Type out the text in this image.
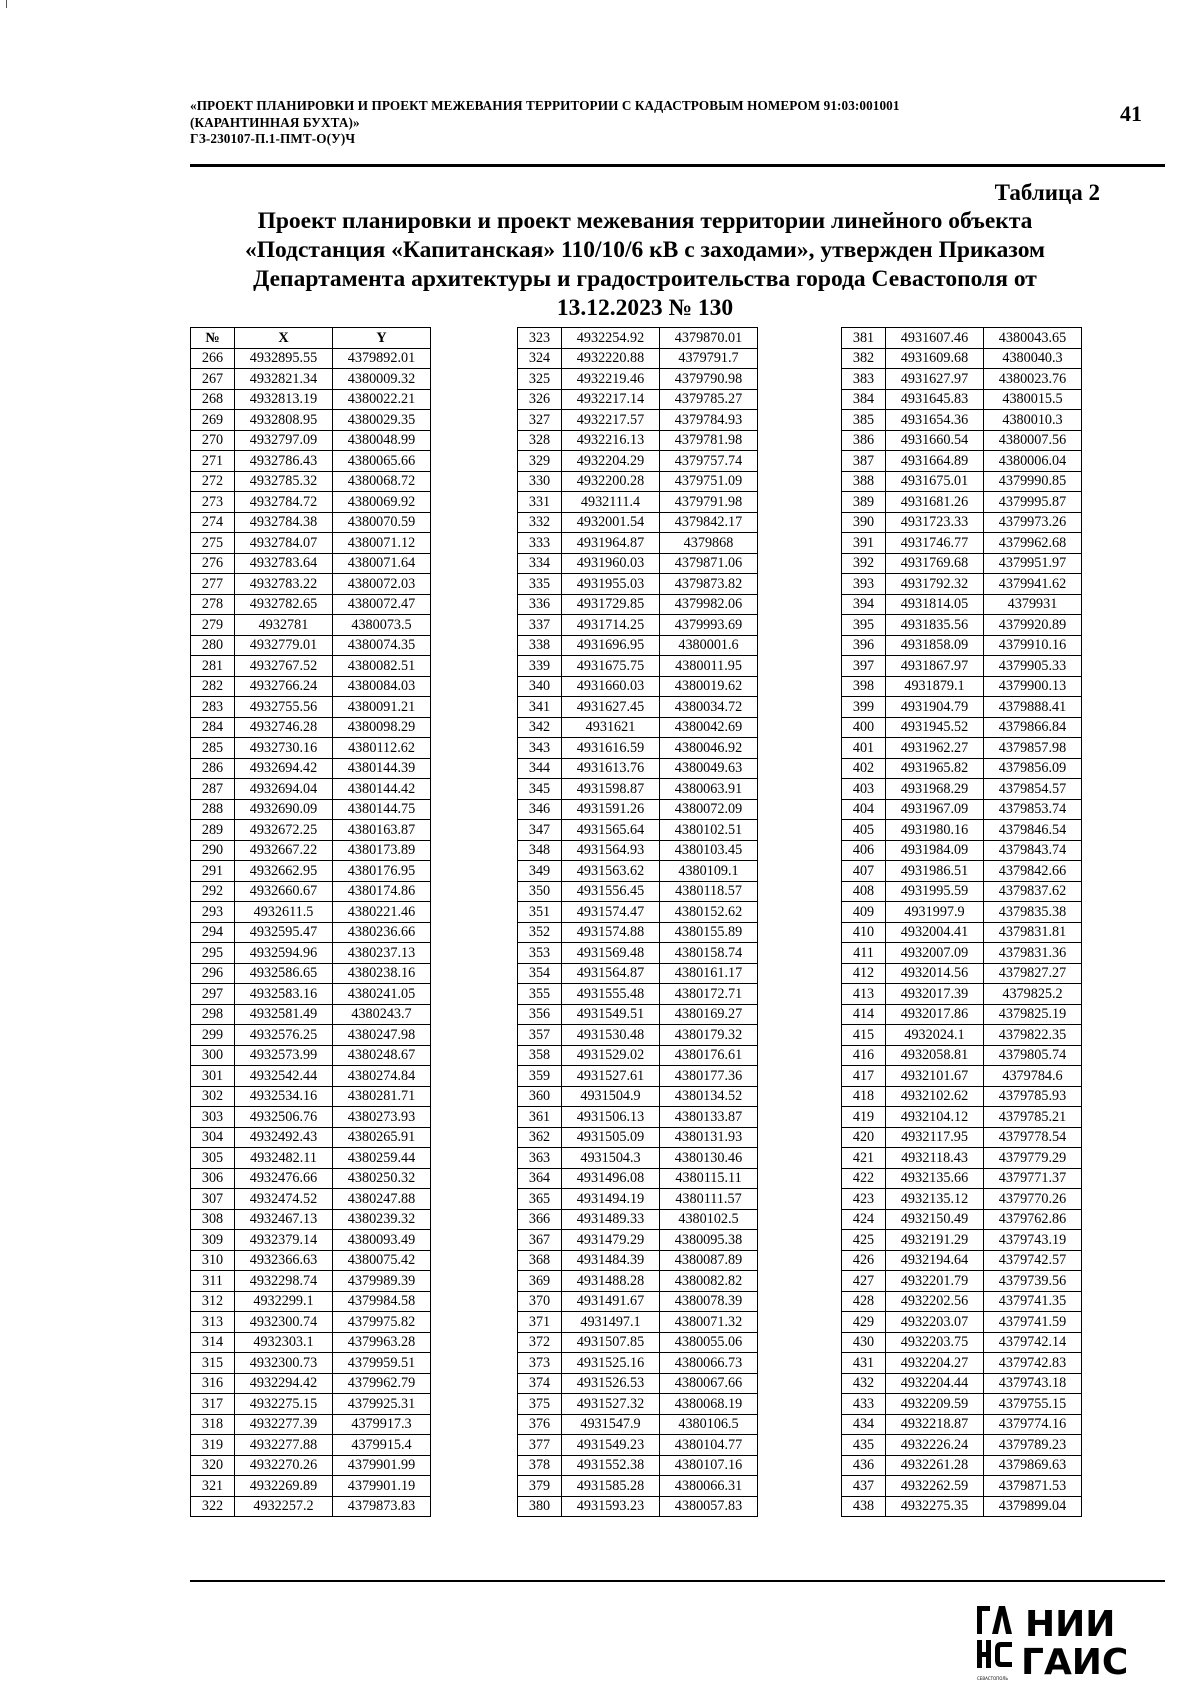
«ПРОЕКТ ПЛАНИРОВКИ И ПРОЕКТ МЕЖЕВАНИЯ ТЕРРИТОРИИ С КАДАСТРОВЫМ НОМЕРОМ 91:03:001001
(КАРАНТИННАЯ БУХТА)»
ГЗ-230107-П.1-ПМТ-О(У)Ч
41
Таблица 2
Проект планировки и проект межевания территории линейного объекта
«Подстанция «Капитанская» 110/10/6 кВ с заходами», утвержден Приказом
Департамента архитектуры и градостроительства города Севастополя от
13.12.2023 № 130
№	X	Y
266	4932895.55	4379892.01
267	4932821.34	4380009.32
268	4932813.19	4380022.21
269	4932808.95	4380029.35
270	4932797.09	4380048.99
271	4932786.43	4380065.66
272	4932785.32	4380068.72
273	4932784.72	4380069.92
274	4932784.38	4380070.59
275	4932784.07	4380071.12
276	4932783.64	4380071.64
277	4932783.22	4380072.03
278	4932782.65	4380072.47
279	4932781	4380073.5
280	4932779.01	4380074.35
281	4932767.52	4380082.51
282	4932766.24	4380084.03
283	4932755.56	4380091.21
284	4932746.28	4380098.29
285	4932730.16	4380112.62
286	4932694.42	4380144.39
287	4932694.04	4380144.42
288	4932690.09	4380144.75
289	4932672.25	4380163.87
290	4932667.22	4380173.89
291	4932662.95	4380176.95
292	4932660.67	4380174.86
293	4932611.5	4380221.46
294	4932595.47	4380236.66
295	4932594.96	4380237.13
296	4932586.65	4380238.16
297	4932583.16	4380241.05
298	4932581.49	4380243.7
299	4932576.25	4380247.98
300	4932573.99	4380248.67
301	4932542.44	4380274.84
302	4932534.16	4380281.71
303	4932506.76	4380273.93
304	4932492.43	4380265.91
305	4932482.11	4380259.44
306	4932476.66	4380250.32
307	4932474.52	4380247.88
308	4932467.13	4380239.32
309	4932379.14	4380093.49
310	4932366.63	4380075.42
311	4932298.74	4379989.39
312	4932299.1	4379984.58
313	4932300.74	4379975.82
314	4932303.1	4379963.28
315	4932300.73	4379959.51
316	4932294.42	4379962.79
317	4932275.15	4379925.31
318	4932277.39	4379917.3
319	4932277.88	4379915.4
320	4932270.26	4379901.99
321	4932269.89	4379901.19
322	4932257.2	4379873.83
323	4932254.92	4379870.01
324	4932220.88	4379791.7
325	4932219.46	4379790.98
326	4932217.14	4379785.27
327	4932217.57	4379784.93
328	4932216.13	4379781.98
329	4932204.29	4379757.74
330	4932200.28	4379751.09
331	4932111.4	4379791.98
332	4932001.54	4379842.17
333	4931964.87	4379868
334	4931960.03	4379871.06
335	4931955.03	4379873.82
336	4931729.85	4379982.06
337	4931714.25	4379993.69
338	4931696.95	4380001.6
339	4931675.75	4380011.95
340	4931660.03	4380019.62
341	4931627.45	4380034.72
342	4931621	4380042.69
343	4931616.59	4380046.92
344	4931613.76	4380049.63
345	4931598.87	4380063.91
346	4931591.26	4380072.09
347	4931565.64	4380102.51
348	4931564.93	4380103.45
349	4931563.62	4380109.1
350	4931556.45	4380118.57
351	4931574.47	4380152.62
352	4931574.88	4380155.89
353	4931569.48	4380158.74
354	4931564.87	4380161.17
355	4931555.48	4380172.71
356	4931549.51	4380169.27
357	4931530.48	4380179.32
358	4931529.02	4380176.61
359	4931527.61	4380177.36
360	4931504.9	4380134.52
361	4931506.13	4380133.87
362	4931505.09	4380131.93
363	4931504.3	4380130.46
364	4931496.08	4380115.11
365	4931494.19	4380111.57
366	4931489.33	4380102.5
367	4931479.29	4380095.38
368	4931484.39	4380087.89
369	4931488.28	4380082.82
370	4931491.67	4380078.39
371	4931497.1	4380071.32
372	4931507.85	4380055.06
373	4931525.16	4380066.73
374	4931526.53	4380067.66
375	4931527.32	4380068.19
376	4931547.9	4380106.5
377	4931549.23	4380104.77
378	4931552.38	4380107.16
379	4931585.28	4380066.31
380	4931593.23	4380057.83
381	4931607.46	4380043.65
382	4931609.68	4380040.3
383	4931627.97	4380023.76
384	4931645.83	4380015.5
385	4931654.36	4380010.3
386	4931660.54	4380007.56
387	4931664.89	4380006.04
388	4931675.01	4379990.85
389	4931681.26	4379995.87
390	4931723.33	4379973.26
391	4931746.77	4379962.68
392	4931769.68	4379951.97
393	4931792.32	4379941.62
394	4931814.05	4379931
395	4931835.56	4379920.89
396	4931858.09	4379910.16
397	4931867.97	4379905.33
398	4931879.1	4379900.13
399	4931904.79	4379888.41
400	4931945.52	4379866.84
401	4931962.27	4379857.98
402	4931965.82	4379856.09
403	4931968.29	4379854.57
404	4931967.09	4379853.74
405	4931980.16	4379846.54
406	4931984.09	4379843.74
407	4931986.51	4379842.66
408	4931995.59	4379837.62
409	4931997.9	4379835.38
410	4932004.41	4379831.81
411	4932007.09	4379831.36
412	4932014.56	4379827.27
413	4932017.39	4379825.2
414	4932017.86	4379825.19
415	4932024.1	4379822.35
416	4932058.81	4379805.74
417	4932101.67	4379784.6
418	4932102.62	4379785.93
419	4932104.12	4379785.21
420	4932117.95	4379778.54
421	4932118.43	4379779.29
422	4932135.66	4379771.37
423	4932135.12	4379770.26
424	4932150.49	4379762.86
425	4932191.29	4379743.19
426	4932194.64	4379742.57
427	4932201.79	4379739.56
428	4932202.56	4379741.35
429	4932203.07	4379741.59
430	4932203.75	4379742.14
431	4932204.27	4379742.83
432	4932204.44	4379743.18
433	4932209.59	4379755.15
434	4932218.87	4379774.16
435	4932226.24	4379789.23
436	4932261.28	4379869.63
437	4932262.59	4379871.53
438	4932275.35	4379899.04
НИИ
ГАИС
СЕВАСТОПОЛЬ
